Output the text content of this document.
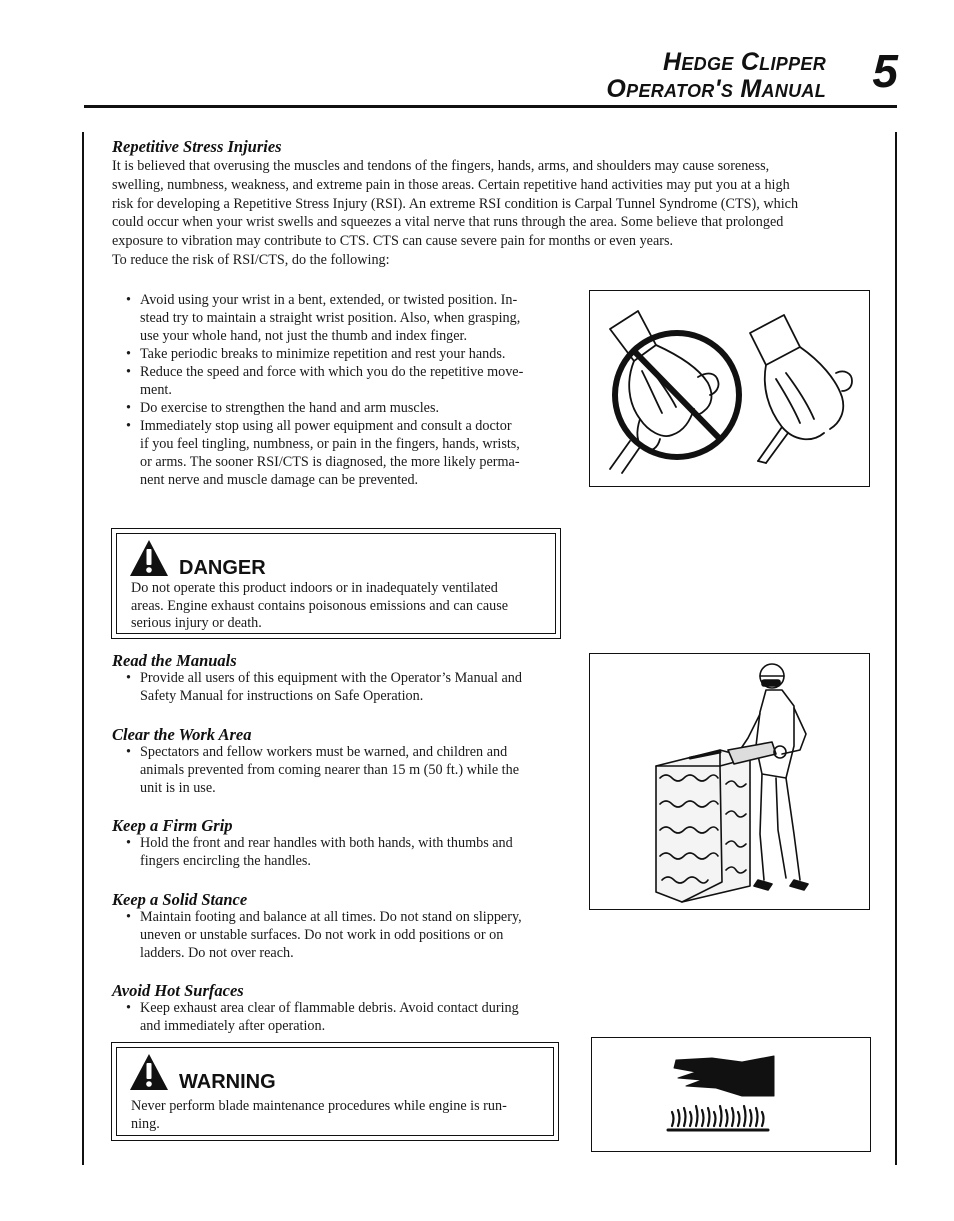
Hedge Clipper
Operator's Manual 5
Repetitive Stress Injuries

It is believed that overusing the muscles and tendons of the fingers, hands, arms, and shoulders may cause soreness,

swelling, numbness, weakness, and extreme pain in those areas. Certain repetitive hand activities may put you at a high

risk for developing a Repetitive Stress Injury (RSI). An extreme RSI condition is Carpal Tunnel Syndrome (CTS), which

could occur when your wrist swells and squeezes a vital nerve that runs through the area. Some believe that prolonged

exposure to vibration may contribute to CTS. CTS can cause severe pain for months or even years.

To reduce the risk of RSI/CTS, do the following:

• Avoid using your wrist in a bent, extended, or twisted position. In-
stead try to maintain a straight wrist position. Also, when grasping,
use your whole hand, not just the thumb and index finger.
• Take periodic breaks to minimize repetition and rest your hands.
• Reduce the speed and force with which you do the repetitive move-
ment.
• Do exercise to strengthen the hand and arm muscles.
• Immediately stop using all power equipment and consult a doctor
if you feel tingling, numbness, or pain in the fingers, hands, wrists,
or arms. The sooner RSI/CTS is diagnosed, the more likely perma-
nent nerve and muscle damage can be prevented.
DANGER
Do not operate this product indoors or in inadequately ventilated
areas. Engine exhaust contains poisonous emissions and can cause
serious injury or death.
Read the Manuals
• Provide all users of this equipment with the Operator’s Manual and
Safety Manual for instructions on Safe Operation.
Clear the Work Area
• Spectators and fellow workers must be warned, and children and
animals prevented from coming nearer than 15 m (50 ft.) while the
unit is in use.
Keep a Firm Grip
• Hold the front and rear handles with both hands, with thumbs and
fingers encircling the handles.
Keep a Solid Stance
• Maintain footing and balance at all times. Do not stand on slippery,
uneven or unstable surfaces. Do not work in odd positions or on
ladders. Do not over reach.
Avoid Hot Surfaces
• Keep exhaust area clear of flammable debris. Avoid contact during
and immediately after operation.
WARNING
Never perform blade maintenance procedures while engine is run-
ning.
